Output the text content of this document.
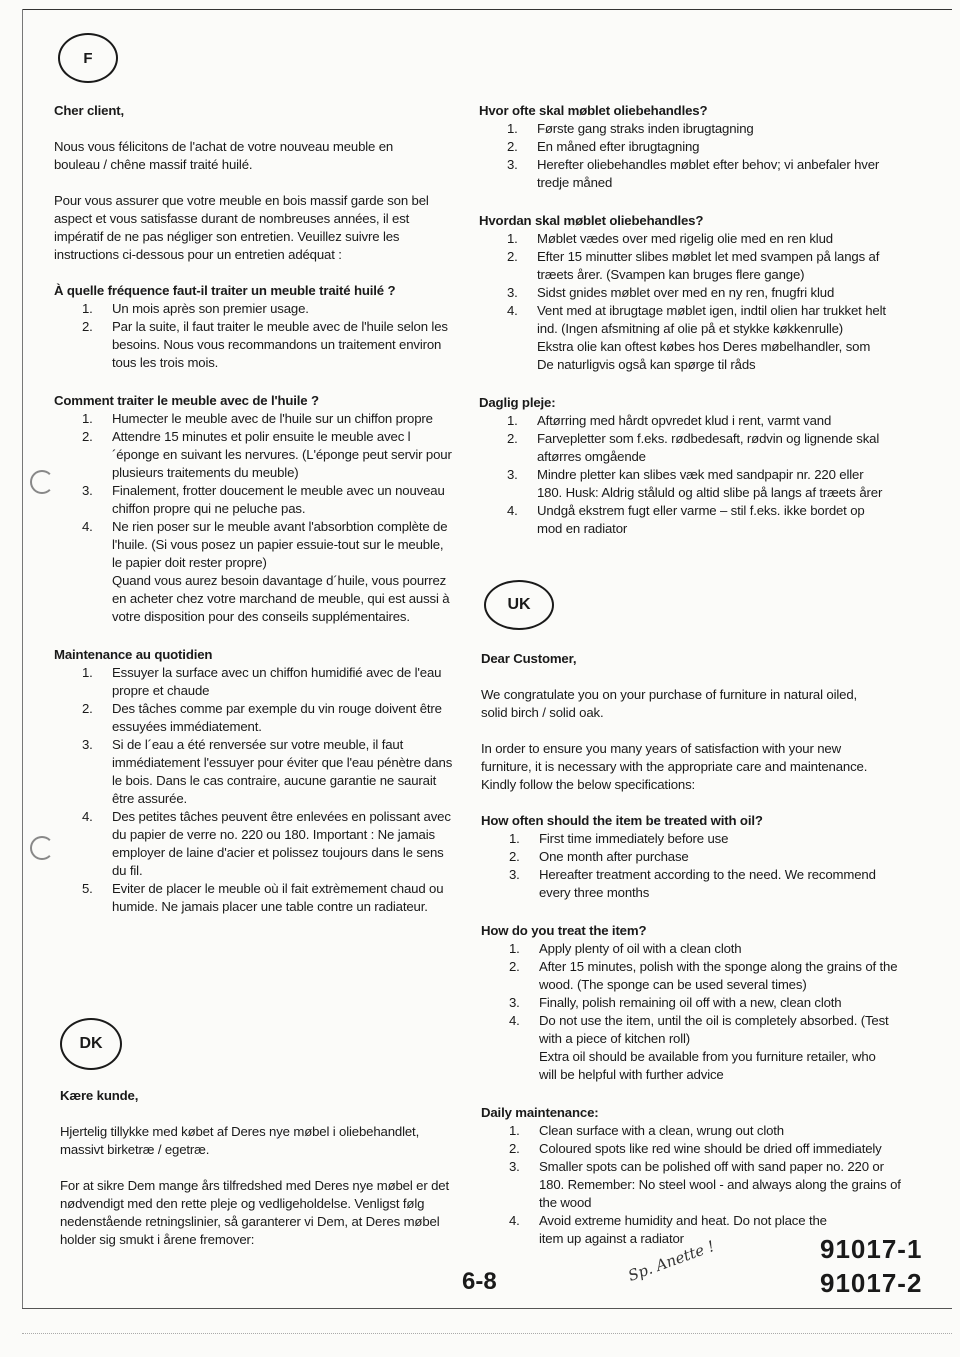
F
DK
UK

Cher client,

Nous vous félicitons de l'achat de votre nouveau meuble en bouleau / chêne massif traité huilé.

Pour vous assurer que votre meuble en bois massif garde son bel aspect et vous satisfasse durant de nombreuses années, il est impératif de ne pas négliger son entretien. Veuillez suivre les instructions ci-dessous pour un entretien adéquat :

À quelle fréquence faut-il traiter un meuble traité huilé ?

1.	Un mois après son premier usage.
2.	Par la suite, il faut traiter le meuble avec de l'huile selon les besoins. Nous vous recommandons un traitement environ tous les trois mois.

Comment traiter le meuble avec de l'huile ?

1.	Humecter le meuble avec de l'huile sur un chiffon propre
2.	Attendre 15 minutes et polir ensuite le meuble avec l´éponge en suivant les nervures. (L'éponge peut servir pour plusieurs traitements du meuble)
3.	Finalement, frotter doucement le meuble avec un nouveau chiffon propre qui ne peluche pas.
4.	Ne rien poser sur le meuble avant l'absorbtion complète de l'huile. (Si vous posez un papier essuie-tout sur le meuble, le papier doit rester propre)

Quand vous aurez besoin davantage d´huile, vous pourrez en acheter chez votre marchand de meuble, qui est aussi à votre disposition pour des conseils supplémentaires.

Maintenance au quotidien

1.	Essuyer la surface avec un chiffon humidifié avec de l'eau propre et chaude
2.	Des tâches comme par exemple du vin rouge doivent être essuyées immédiatement.
3.	Si de l´eau a été renversée sur votre meuble, il faut immédiatement l'essuyer pour éviter que l'eau pénètre dans le bois. Dans le cas contraire, aucune garantie ne saurait être assurée.
4.	Des petites tâches peuvent être enlevées en polissant avec du papier de verre no. 220 ou 180. Important : Ne jamais employer de laine d'acier et polissez toujours dans le sens du fil.
5.	Eviter de placer le meuble où il fait extrèmement chaud ou humide. Ne jamais placer une table contre un radiateur.

Kære kunde,

Hjertelig tillykke med købet af Deres nye møbel i oliebehandlet, massivt birketræ / egetræ.

For at sikre Dem mange års tilfredshed med Deres nye møbel er det nødvendigt med den rette pleje og vedligeholdelse. Venligst følg nedenstående retningslinier, så garanterer vi Dem, at Deres møbel holder sig smukt i årene fremover:

Hvor ofte skal møblet oliebehandles?

1.	Første gang straks inden ibrugtagning
2.	En måned efter ibrugtagning
3.	Herefter oliebehandles møblet efter behov; vi anbefaler hver tredje måned

Hvordan skal møblet oliebehandles?

1.	Møblet vædes over med rigelig olie med en ren klud
2.	Efter 15 minutter slibes møblet let med svampen på langs af træets årer. (Svampen kan bruges flere gange)
3.	Sidst gnides møblet over med en ny ren, fnugfri klud
4.	Vent med at ibrugtage møblet igen, indtil olien har trukket helt ind. (Ingen afsmitning af olie på et stykke køkkenrulle)

Ekstra olie kan oftest købes hos Deres møbelhandler, som De naturligvis også kan spørge til råds

Daglig pleje:

1.	Aftørring med hårdt opvredet klud i rent, varmt vand
2.	Farvepletter som f.eks. rødbedesaft, rødvin og lignende skal aftørres omgående
3.	Mindre pletter kan slibes væk med sandpapir nr. 220 eller 180. Husk: Aldrig ståluld og altid slibe på langs af træets årer
4.	Undgå ekstrem fugt eller varme – stil f.eks. ikke bordet op mod en radiator

Dear Customer,

We congratulate you on your purchase of furniture in natural oiled, solid birch / solid oak.

In order to ensure you many years of satisfaction with your new furniture, it is necessary with the appropriate care and maintenance. Kindly follow the below specifications:

How often should the item be treated with oil?

1.	First time immediately before use
2.	One month after purchase
3.	Hereafter treatment according to the need. We recommend every three months

How do you treat the item?

1.	Apply plenty of oil with a clean cloth
2.	After 15 minutes, polish with the sponge along the grains of the wood. (The sponge can be used several times)
3.	Finally, polish remaining oil off with a new, clean cloth
4.	Do not use the item, until the oil is completely absorbed. (Test with a piece of kitchen roll)

Extra oil should be available from you furniture retailer, who will be helpful with further advice

Daily maintenance:

1.	Clean surface with a clean, wrung out cloth
2.	Coloured spots like red wine should be dried off immediately
3.	Smaller spots can be polished off with sand paper no. 220 or 180. Remember: No steel wool - and always along the grains of the wood
4.	Avoid extreme humidity and heat. Do not place the item up against a radiator
6-8
91017-1
91017-2
Sp. Anette !
